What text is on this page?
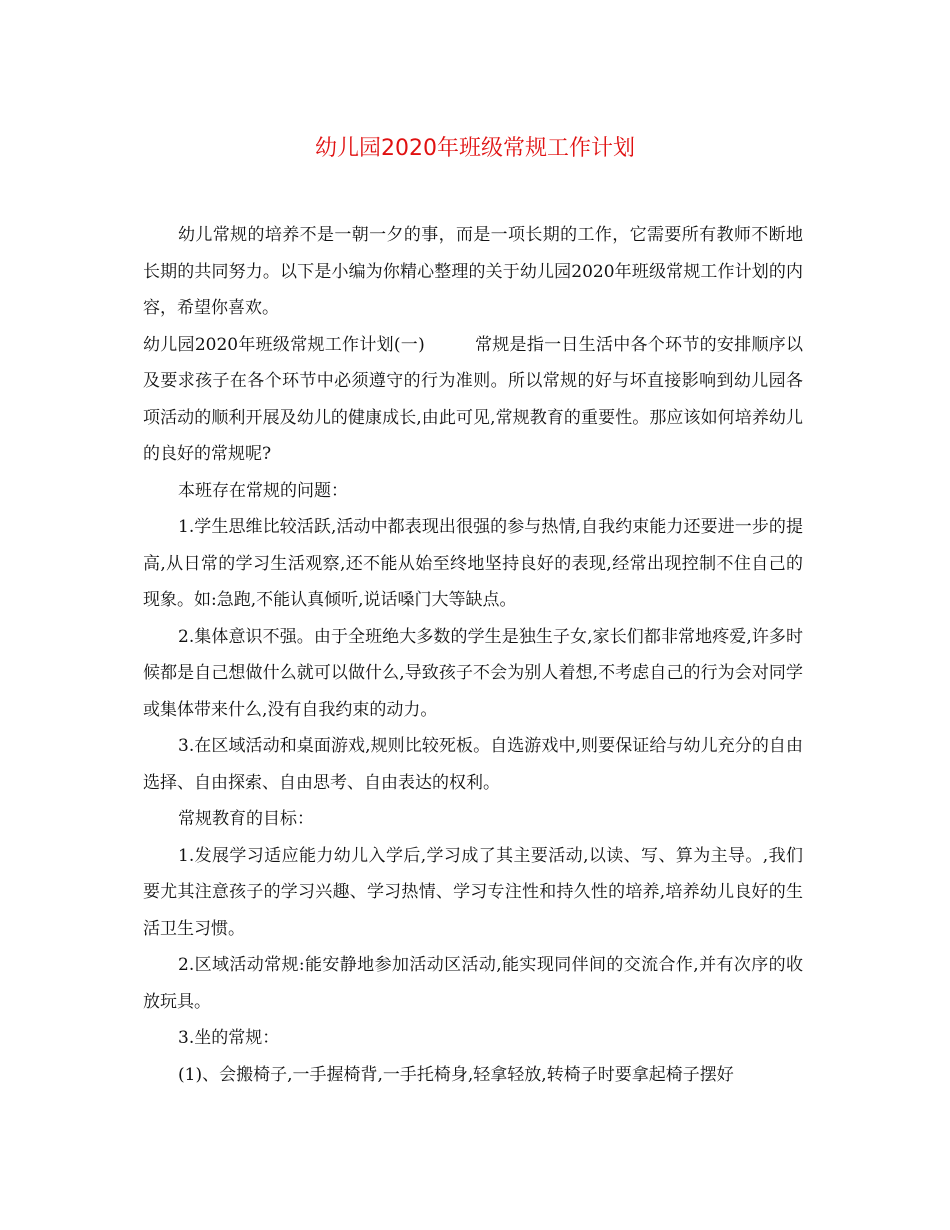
幼儿园2020年班级常规工作计划

幼儿常规的培养不是一朝一夕的事，而是一项长期的工作，它需要所有教师不断地长期的共同努力。以下是小编为你精心整理的关于幼儿园2020年班级常规工作计划的内容，希望你喜欢。

幼儿园2020年班级常规工作计划(一)	常规是指一日生活中各个环节的安排顺序以及要求孩子在各个环节中必须遵守的行为准则。所以常规的好与坏直接影响到幼儿园各项活动的顺利开展及幼儿的健康成长,由此可见,常规教育的重要性。那应该如何培养幼儿的良好的常规呢?

本班存在常规的问题：

1.学生思维比较活跃,活动中都表现出很强的参与热情,自我约束能力还要进一步的提高,从日常的学习生活观察,还不能从始至终地坚持良好的表现,经常出现控制不住自己的现象。如:急跑,不能认真倾听,说话嗓门大等缺点。

2.集体意识不强。由于全班绝大多数的学生是独生子女,家长们都非常地疼爱,许多时候都是自己想做什么就可以做什么,导致孩子不会为别人着想,不考虑自己的行为会对同学或集体带来什么,没有自我约束的动力。

3.在区域活动和桌面游戏,规则比较死板。自选游戏中,则要保证给与幼儿充分的自由选择、自由探索、自由思考、自由表达的权利。

常规教育的目标：

1.发展学习适应能力幼儿入学后,学习成了其主要活动,以读、写、算为主导。,我们要尤其注意孩子的学习兴趣、学习热情、学习专注性和持久性的培养,培养幼儿良好的生活卫生习惯。

2.区域活动常规:能安静地参加活动区活动,能实现同伴间的交流合作,并有次序的收放玩具。

3.坐的常规：

(1)、会搬椅子,一手握椅背,一手托椅身,轻拿轻放,转椅子时要拿起椅子摆好
